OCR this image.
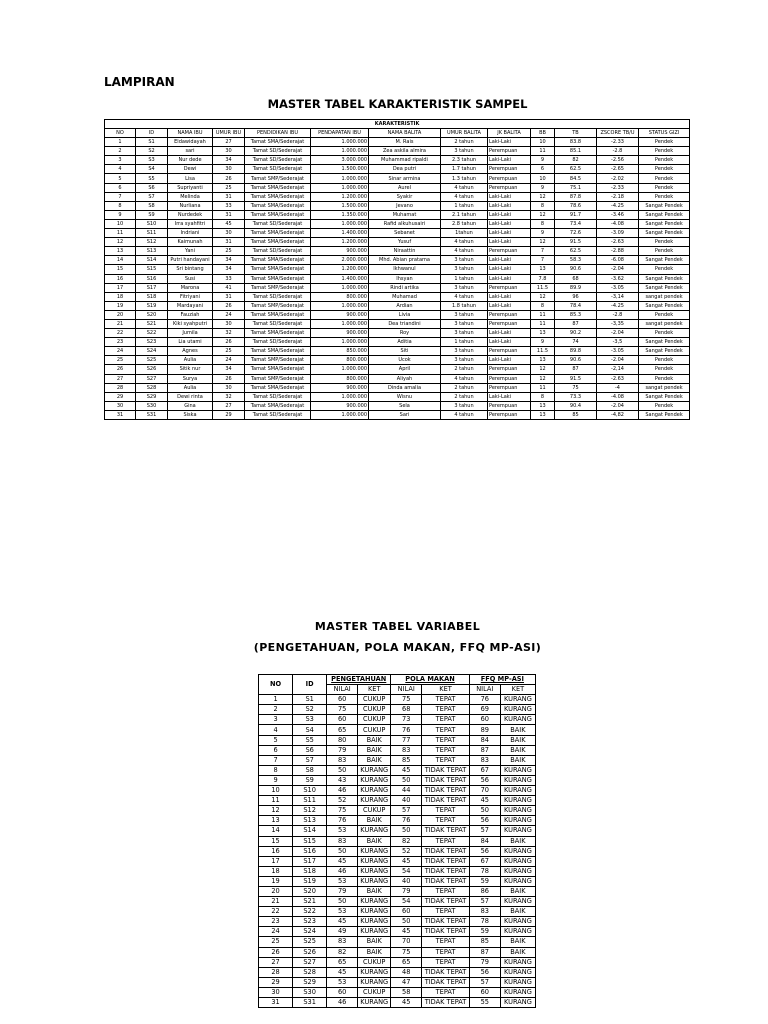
LAMPIRAN
MASTER TABEL KARAKTERISTIK SAMPEL
KARAKTERISTIK												
NO	ID	NAMA IBU	UMUR IBU	PENDIDIKAN IBU	PENDAPATAN IBU	NAMA BALITA	UMUR BALITA	JK BALITA	BB	TB	ZSCORE TB/U	STATUS GIZI
1	S1	Eldawidayah	27	Tamat SMA/Sederajat	1.000.000	M. Rais	2 tahun	Laki-Laki	10	83.8	-2.33	Pendek
2	S2	sari	30	Tamat SD/Sederajat	1.000.000	Zea askila almira	3 tahun	Perempuan	11	85.1	-2.8	Pendek
3	S3	Nur dede	34	Tamat SD/Sederajat	3.000.000	Muhammad ripaldi	2.3 tahun	Laki-Laki	9	82	-2.56	Pendek
4	S4	Dewi	30	Tamat SD/Sederajat	1.500.000	Dea putri	1.7 tahun	Perempuan	6	62.5	-2.65	Pendek
5	S5	Lisa	26	Tamat SMP/Sederajat	1.000.000	Sinar armina	1.3 tahun	Perempuan	10	84.5	-2.02	Pendek
6	S6	Supriyanti	25	Tamat SMA/Sederajat	1.000.000	Aurel	4 tahun	Perempuan	9	75.1	-2.33	Pendek
7	S7	Melinda	31	Tamat SMA/Sederajat	1.200.000	Syakir	4 tahun	Laki-Laki	12	87.8	-2.18	Pendek
8	S8	Nurliana	33	Tamat SMA/Sederajat	1.500.000	Jevano	1 tahun	Laki-Laki	8	78.6	-4.25	Sangat Pendek
9	S9	Nurdedek	31	Tamat SMA/Sederajat	1.350.000	Muhamat	2.1 tahun	Laki-Laki	12	91.7	-3.46	Sangat Pendek
10	S10	Irra syahfitri	45	Tamat SD/Sederajat	1.000.000	Rafid alkuhusairi	2.8 tahun	Laki-Laki	8	73.4	-4.08	Sangat Pendek
11	S11	Indriani	30	Tamat SMA/Sederajat	1.400.000	Sebanet	1tahun	Laki-Laki	9	72.6	-3.09	Sangat Pendek
12	S12	Kaimunah	31	Tamat SMA/Sederajat	1.200.000	Yusuf	4 tahun	Laki-Laki	12	91.5	-2.63	Pendek
13	S13	Yani	25	Tamat SD/Sederajat	900.000	Niraattin	4 tahun	Perempuan	7	62.5	-2.88	Pendek
14	S14	Putri handayani	34	Tamat SMA/Sederajat	2.000.000	Mhd. Abian pratama	3 tahun	Laki-Laki	7	58.3	-6.08	Sangat Pendek
15	S15	Sri bintang	34	Tamat SMA/Sederajat	1.200.000	Ikhwanul	3 tahun	Laki-Laki	13	90.6	-2.04	Pendek
16	S16	Susi	33	Tamat SMA/Sederajat	1.400.000	Ihsyan	1 tahun	Laki-Laki	7.8	68	-3.62	Sangat Pendek
17	S17	Marona	41	Tamat SMP/Sederajat	1.000.000	Rindi artika	3 tahun	Perempuan	11.5	89.9	-3.05	Sangat Pendek
18	S18	Fitriyani	31	Tamat SD/Sederajat	800.000	Muhamad	4 tahun	Laki-Laki	12	96	-3,14	sangat pendek
19	S19	Mardayani	26	Tamat SMP/Sederajat	1.000.000	Ardian	1.8 tahun	Laki-Laki	8	78.4	-4.25	Sangat Pendek
20	S20	Fauziah	24	Tamat SMA/Sederajat	900.000	Livia	3 tahun	Perempuan	11	85.3	-2.8	Pendek
21	S21	Kiki syahputri	30	Tamat SD/Sederajat	1.000.000	Dea triandini	3 tahun	Perempuan	11	87	-3,35	sangat pendek
22	S22	Jumila	32	Tamat SMA/Sederajat	900.000	Roy	3 tahun	Laki-Laki	13	90.2	-2.04	Pendek
23	S23	Lia utami	26	Tamat SD/Sederajat	1.000.000	Aditia	1 tahun	Laki-Laki	9	74	-3,5	Sangat Pendek
24	S24	Agnes	25	Tamat SMA/Sederajat	850.000	Siti	3 tahun	Perempuan	11.5	89.8	-3.05	Sangat Pendek
25	S25	Aulia	24	Tamat SMP/Sederajat	800.000	Ucok	3 tahun	Laki-Laki	13	90.6	-2.04	Pendek
26	S26	Sitik nur	34	Tamat SMA/Sederajat	1.000.000	April	2 tahun	Perempuan	12	87	-2,14	Pendek
27	S27	Surya	26	Tamat SMP/Sederajat	800.000	Aliyah	4 tahun	Perempuan	12	91.5	-2.63	Pendek
28	S28	Aulia	30	Tamat SMA/Sederajat	900.000	Dinda amalia	2 tahun	Perempuan	11	75	-4	sangat pendek
29	S29	Dewi rinta	32	Tamat SD/Sederajat	1.000.000	Wisnu	2 tahun	Laki-Laki	8	73.3	-4.08	Sangat Pendek
30	S30	Gina	27	Tamat SMA/Sederajat	900.000	Sela	3 tahun	Perempuan	13	90.4	-2.04	Pendek
31	S31	Siska	29	Tamat SD/Sederajat	1.000.000	Sari	4 tahun	Perempuan	13	85	-4,82	Sangat Pendek
MASTER TABEL VARIABEL
(PENGETAHUAN, POLA MAKAN, FFQ MP-ASI)
NO	ID	PENGETAHUAN		POLA MAKAN		FFQ MP-ASI	
		NILAI	KET	NILAI	KET	NILAI	KET
1	S1	60	CUKUP	75	TEPAT	76	KURANG
2	S2	75	CUKUP	68	TEPAT	69	KURANG
3	S3	60	CUKUP	73	TEPAT	60	KURANG
4	S4	65	CUKUP	76	TEPAT	89	BAIK
5	S5	80	BAIK	77	TEPAT	84	BAIK
6	S6	79	BAIK	83	TEPAT	87	BAIK
7	S7	83	BAIK	85	TEPAT	83	BAIK
8	S8	50	KURANG	45	TIDAK TEPAT	67	KURANG
9	S9	43	KURANG	50	TIDAK TEPAT	56	KURANG
10	S10	46	KURANG	44	TIDAK TEPAT	70	KURANG
11	S11	52	KURANG	40	TIDAK TEPAT	45	KURANG
12	S12	75	CUKUP	57	TEPAT	50	KURANG
13	S13	76	BAIK	76	TEPAT	56	KURANG
14	S14	53	KURANG	50	TIDAK TEPAT	57	KURANG
15	S15	83	BAIK	82	TEPAT	84	BAIK
16	S16	50	KURANG	52	TIDAK TEPAT	56	KURANG
17	S17	45	KURANG	45	TIDAK TEPAT	67	KURANG
18	S18	46	KURANG	54	TIDAK TEPAT	78	KURANG
19	S19	53	KURANG	40	TIDAK TEPAT	59	KURANG
20	S20	79	BAIK	79	TEPAT	86	BAIK
21	S21	50	KURANG	54	TIDAK TEPAT	57	KURANG
22	S22	53	KURANG	60	TEPAT	83	BAIK
23	S23	45	KURANG	50	TIDAK TEPAT	78	KURANG
24	S24	49	KURANG	45	TIDAK TEPAT	59	KURANG
25	S25	83	BAIK	70	TEPAT	85	BAIK
26	S26	82	BAIK	75	TEPAT	87	BAIK
27	S27	65	CUKUP	65	TEPAT	79	KURANG
28	S28	45	KURANG	48	TIDAK TEPAT	56	KURANG
29	S29	53	KURANG	47	TIDAK TEPAT	57	KURANG
30	S30	60	CUKUP	58	TEPAT	60	KURANG
31	S31	46	KURANG	45	TIDAK TEPAT	55	KURANG
